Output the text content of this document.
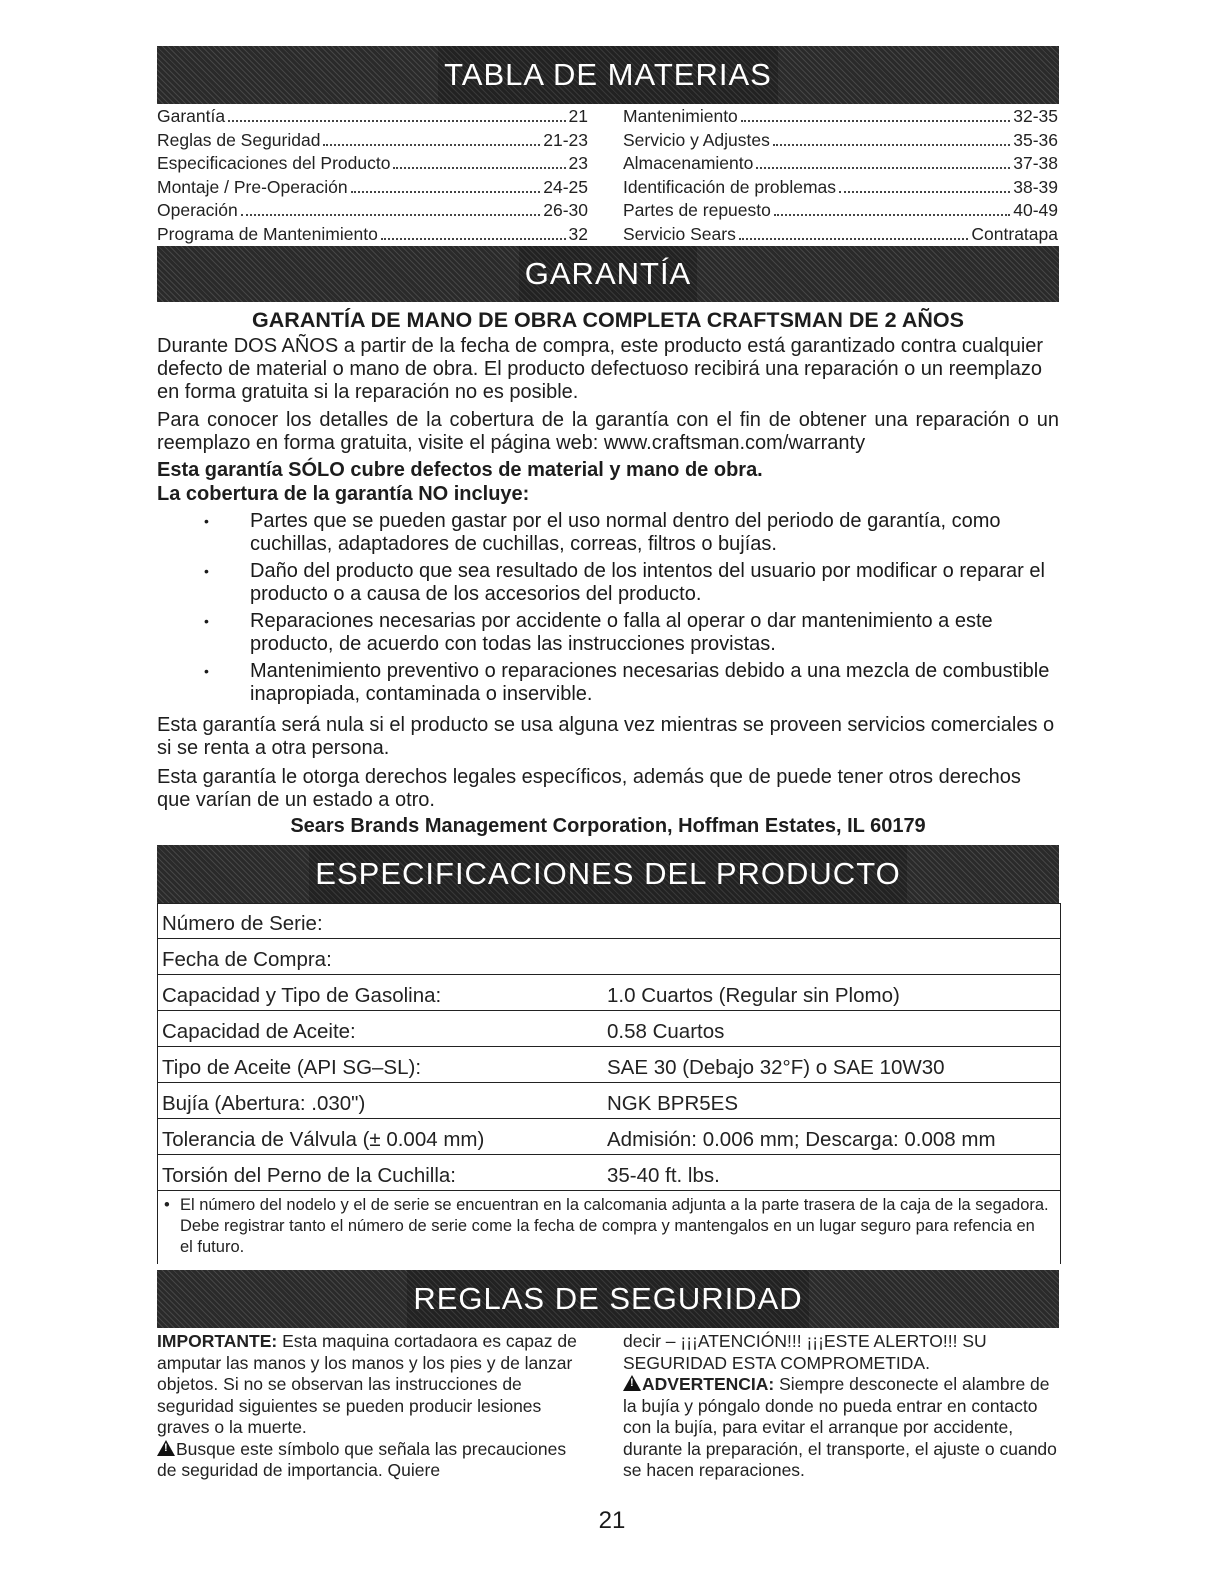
TABLA DE MATERIAS
Garantía	21
Reglas de Seguridad	21-23
Especificaciones del Producto	23
Montaje / Pre-Operación	24-25
Operación	26-30
Programa de Mantenimiento	32
Mantenimiento	32-35
Servicio y Adjustes	35-36
Almacenamiento	37-38
Identificación de problemas	38-39
Partes de repuesto	40-49
Servicio Sears	Contratapa
GARANTÍA
GARANTÍA DE MANO DE OBRA COMPLETA CRAFTSMAN DE 2 AÑOS
Durante DOS AÑOS a partir de la fecha de compra, este producto está garantizado contra cualquier defecto de material o mano de obra. El producto defectuoso recibirá una reparación o un reemplazo en forma gratuita si la reparación no es posible.
Para conocer los detalles de la cobertura de la garantía con el fin de obtener una reparación o un reemplazo en forma gratuita, visite el página web: www.craftsman.com/warranty
Esta garantía SÓLO cubre defectos de material y mano de obra.
La cobertura de la garantía NO incluye:
• Partes que se pueden gastar por el uso normal dentro del periodo de garantía, como cuchillas, adaptadores de cuchillas, correas, filtros o bujías.
• Daño del producto que sea resultado de los intentos del usuario por modificar o reparar el producto o a causa de los accesorios del producto.
• Reparaciones necesarias por accidente o falla al operar o dar mantenimiento a este producto, de acuerdo con todas las instrucciones provistas.
• Mantenimiento preventivo o reparaciones necesarias debido a una mezcla de combustible inapropiada, contaminada o inservible.
Esta garantía será nula si el producto se usa alguna vez mientras se proveen servicios comerciales o si se renta a otra persona.
Esta garantía le otorga derechos legales específicos, además que de puede tener otros derechos que varían de un estado a otro.
Sears Brands Management Corporation, Hoffman Estates, IL 60179
ESPECIFICACIONES DEL PRODUCTO
Número de Serie:
Fecha de Compra:
Capacidad y Tipo de Gasolina:	1.0 Cuartos (Regular sin Plomo)
Capacidad de Aceite:	0.58 Cuartos
Tipo de Aceite (API SG–SL):	SAE 30 (Debajo 32°F) o SAE 10W30
Bujía (Abertura: .030")	NGK BPR5ES
Tolerancia de Válvula (± 0.004 mm)	Admisión: 0.006 mm; Descarga: 0.008 mm
Torsión del Perno de la Cuchilla:	35-40 ft. lbs.
• El número del nodelo y el de serie se encuentran en la calcomania adjunta a la parte trasera de la caja de la segadora. Debe registrar tanto el número de serie come la fecha de compra y mantengalos en un lugar seguro para refencia en el futuro.
REGLAS DE SEGURIDAD
IMPORTANTE: Esta maquina cortadaora es capaz de amputar las manos y los manos y los pies y de lanzar objetos. Si no se observan las instrucciones de seguridad siguientes se pueden producir lesiones graves o la muerte.
!Busque este símbolo que señala las precauciones de seguridad de importancia. Quiere
decir – ¡¡¡ATENCIÓN!!! ¡¡¡ESTE ALERTO!!! SU SEGURIDAD ESTA COMPROMETIDA.
!ADVERTENCIA: Siempre desconecte el alambre de la bujía y póngalo donde no pueda entrar en contacto con la bujía, para evitar el arranque por accidente, durante la preparación, el transporte, el ajuste o cuando se hacen reparaciones.
21
